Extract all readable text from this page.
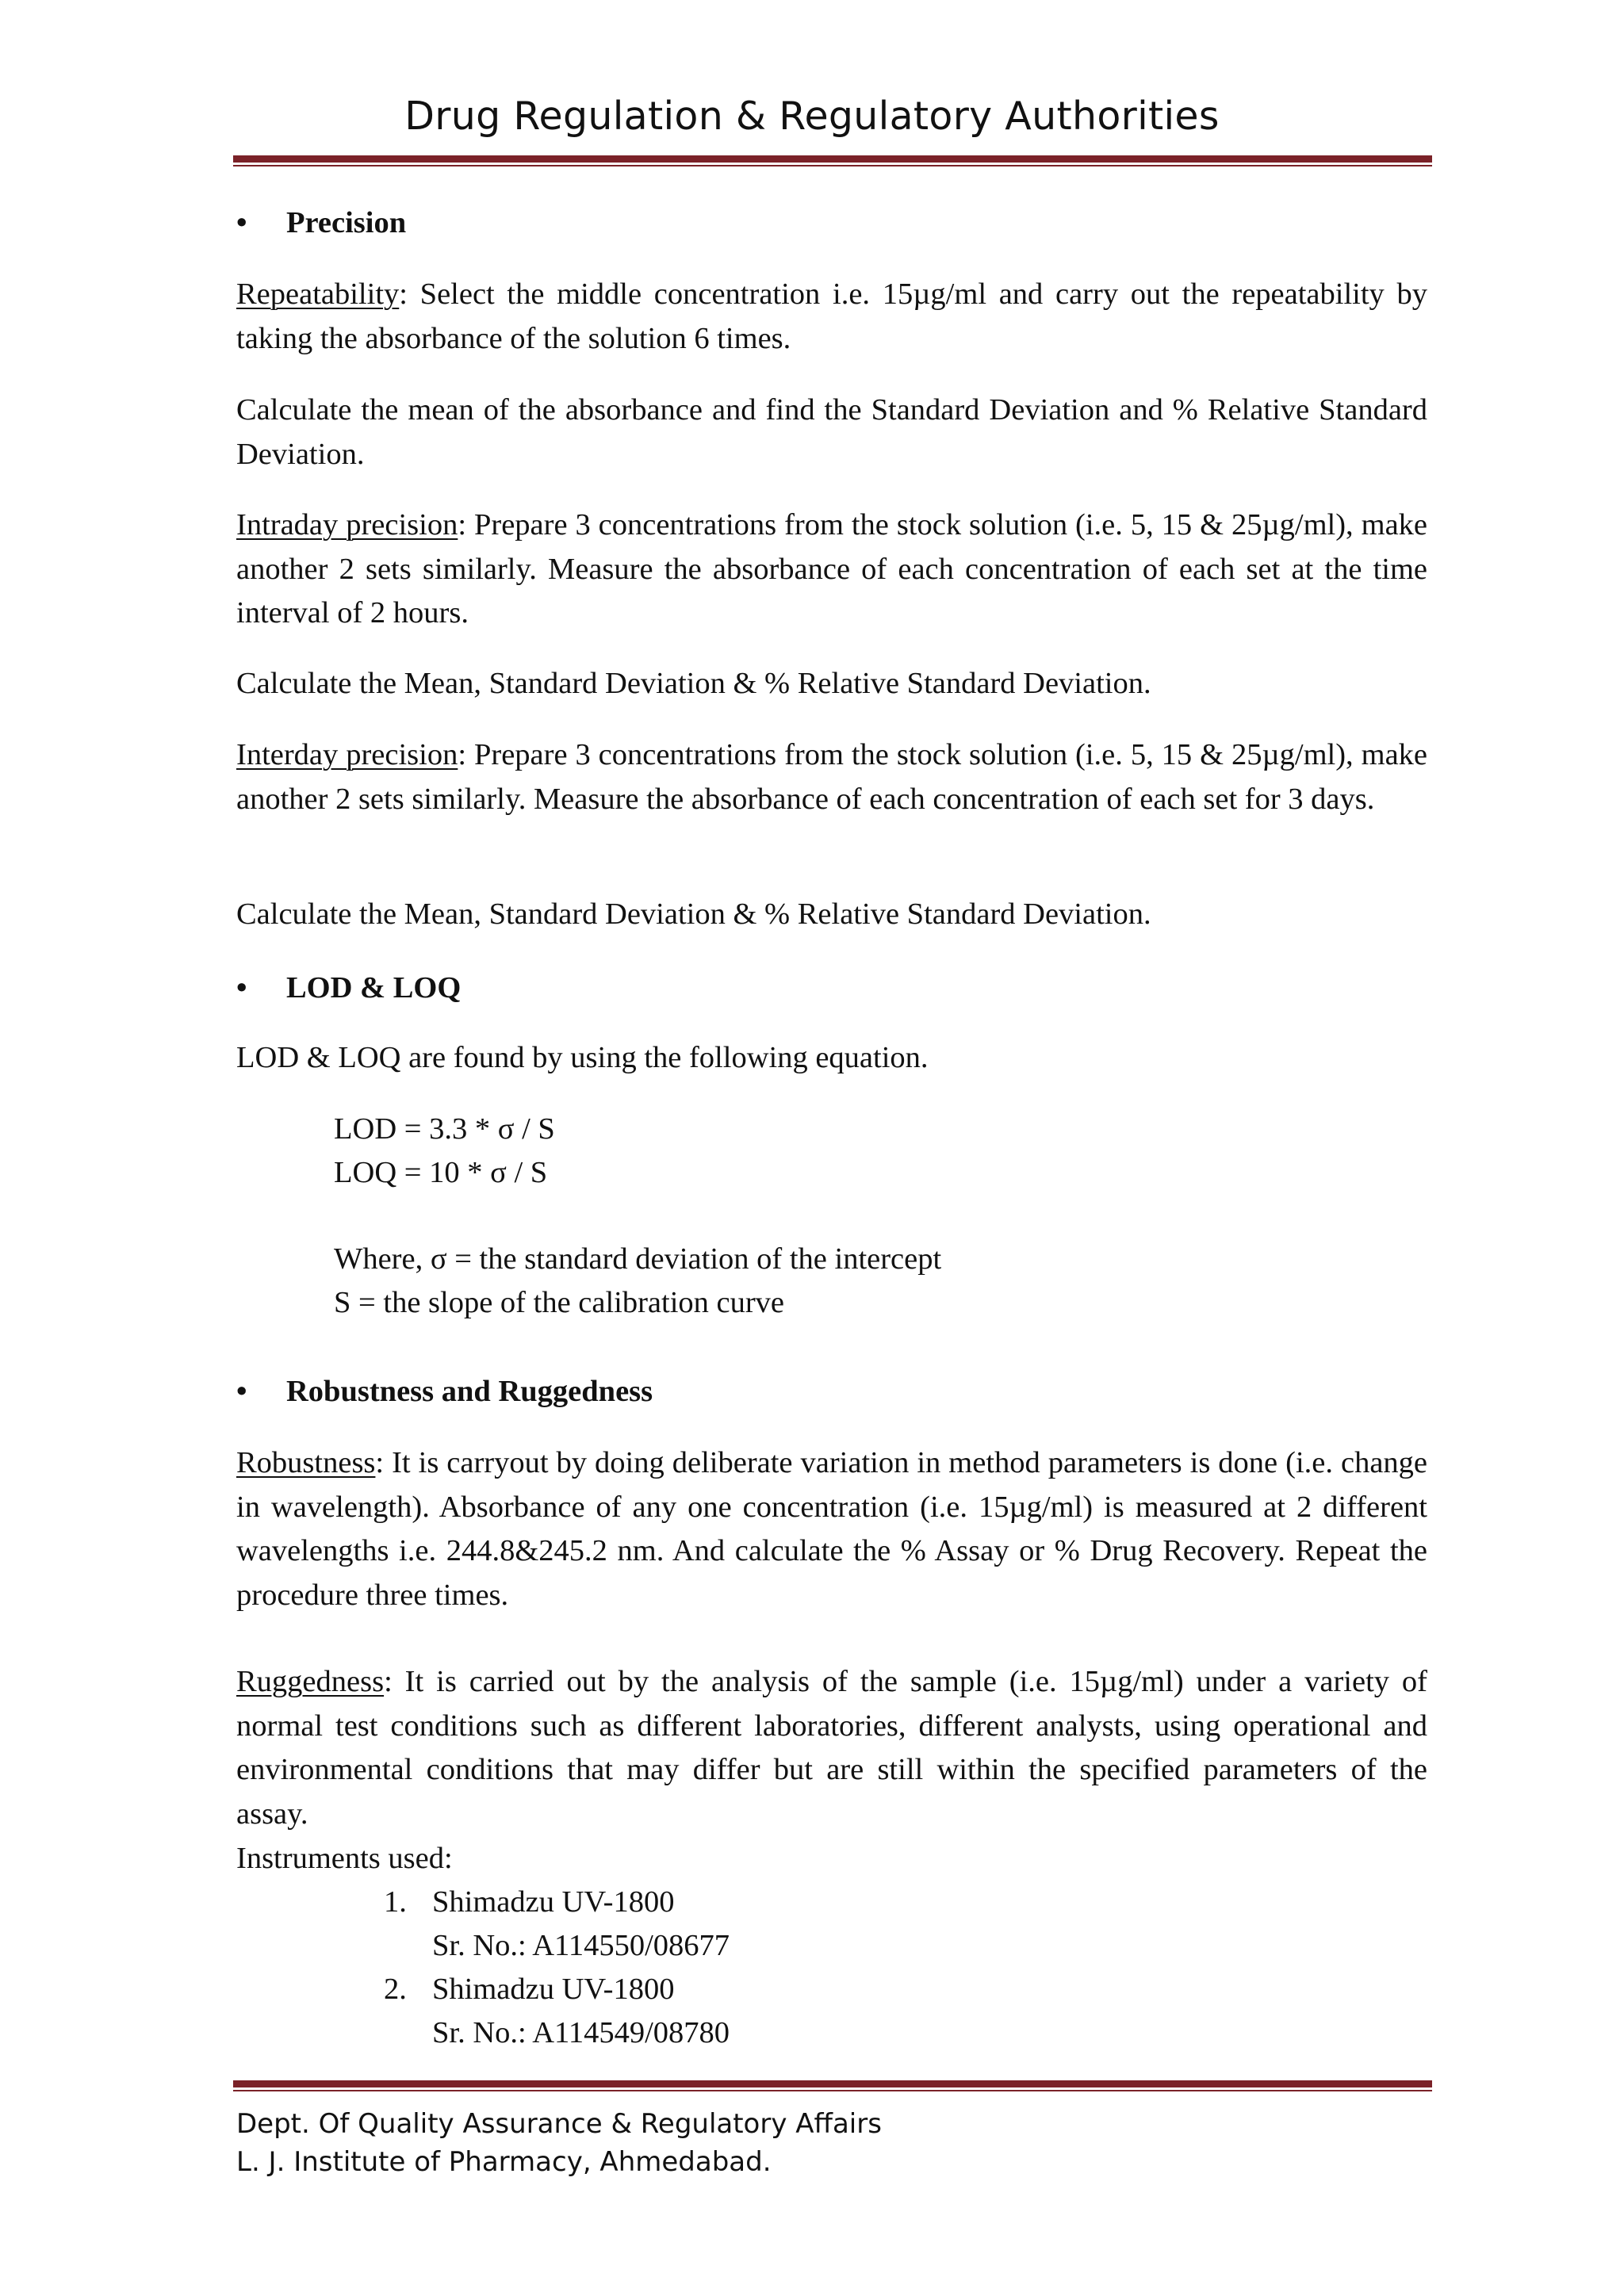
Drug Regulation & Regulatory Authorities
•	Precision

Repeatability: Select the middle concentration i.e. 15µg/ml and carry out the repeatability by taking the absorbance of the solution 6 times.

Calculate the mean of the absorbance and find the Standard Deviation and % Relative Standard Deviation.

Intraday precision: Prepare 3 concentrations from the stock solution (i.e. 5, 15 & 25µg/ml), make another 2 sets similarly. Measure the absorbance of each concentration of each set at the time interval of 2 hours.

Calculate the Mean, Standard Deviation & % Relative Standard Deviation.

Interday precision: Prepare 3 concentrations from the stock solution (i.e. 5, 15 & 25µg/ml), make another 2 sets similarly. Measure the absorbance of each concentration of each set for 3 days.

Calculate the Mean, Standard Deviation & % Relative Standard Deviation.

•	LOD & LOQ
LOD & LOQ are found by using the following equation.
LOD = 3.3 * σ / S
LOQ = 10 * σ / S
Where, σ = the standard deviation of the intercept
S = the slope of the calibration curve
•	Robustness and Ruggedness

Robustness: It is carryout by doing deliberate variation in method parameters is done (i.e. change in wavelength). Absorbance of any one concentration (i.e. 15µg/ml) is measured at 2 different wavelengths i.e. 244.8&245.2 nm. And calculate the % Assay or % Drug Recovery. Repeat the procedure three times.

Ruggedness: It is carried out by the analysis of the sample (i.e. 15µg/ml) under a variety of normal test conditions such as different laboratories, different analysts, using operational and environmental conditions that may differ but are still within the specified parameters of the assay.

Instruments used:
1. Shimadzu UV-1800
Sr. No.: A114550/08677
2. Shimadzu UV-1800
Sr. No.: A114549/08780
Dept. Of Quality Assurance & Regulatory Affairs
L. J. Institute of Pharmacy, Ahmedabad.
